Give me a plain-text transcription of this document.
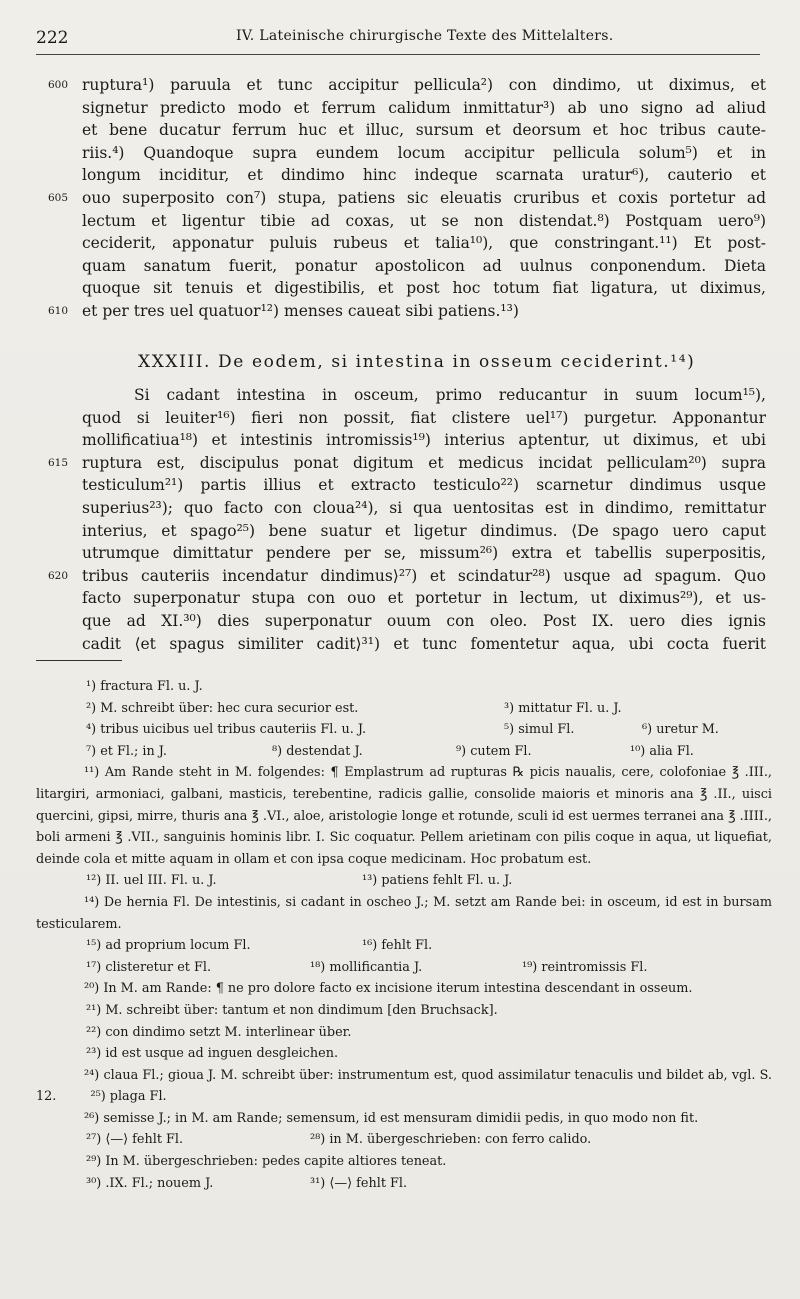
222	IV. Lateinische chirurgische Texte des Mittelalters.
600 ruptura¹) paruula et tunc accipitur pellicula²) con dindimo, ut diximus, et
signetur predicto modo et ferrum calidum inmittatur³) ab uno signo ad aliud
et bene ducatur ferrum huc et illuc, sursum et deorsum et hoc tribus caute-
riis.⁴) Quandoque supra eundem locum accipitur pellicula solum⁵) et in
longum inciditur, et dindimo hinc indeque scarnata uratur⁶), cauterio et
605 ouo superposito con⁷) stupa, patiens sic eleuatis cruribus et coxis portetur ad
lectum et ligentur tibie ad coxas, ut se non distendat.⁸) Postquam uero⁹)
ceciderit, apponatur puluis rubeus et talia¹⁰), que constringant.¹¹) Et post-
quam sanatum fuerit, ponatur apostolicon ad uulnus conponendum. Dieta
quoque sit tenuis et digestibilis, et post hoc totum fiat ligatura, ut diximus,
610 et per tres uel quatuor¹²) menses caueat sibi patiens.¹³)
XXXIII. De eodem, si intestina in osseum ceciderint.¹⁴)
Si cadant intestina in osceum, primo reducantur in suum locum¹⁵),
quod si leuiter¹⁶) fieri non possit, fiat clistere uel¹⁷) purgetur. Apponantur
mollificatiua¹⁸) et intestinis intromissis¹⁹) interius aptentur, ut diximus, et ubi
615 ruptura est, discipulus ponat digitum et medicus incidat pelliculam²⁰) supra
testiculum²¹) partis illius et extracto testiculo²²) scarnetur dindimus usque
superius²³); quo facto con cloua²⁴), si qua uentositas est in dindimo, remittatur
interius, et spago²⁵) bene suatur et ligetur dindimus. ⟨De spago uero caput
utrumque dimittatur pendere per se, missum²⁶) extra et tabellis superpositis,
620 tribus cauteriis incendatur dindimus⟩²⁷) et scindatur²⁸) usque ad spagum. Quo
facto superponatur stupa con ouo et portetur in lectum, ut diximus²⁹), et us-
que ad XI.³⁰) dies superponatur ouum con oleo. Post IX. uero dies ignis
cadit ⟨et spagus similiter cadit⟩³¹) et tunc fomentetur aqua, ubi cocta fuerit
¹) fractura Fl. u. J.
²) M. schreibt über: hec cura securior est.	³) mittatur Fl. u. J.
⁴) tribus uicibus uel tribus cauteriis Fl. u. J.	⁵) simul Fl.	⁶) uretur M.
⁷) et Fl.; in J.	⁸) destendat J.	⁹) cutem Fl.	¹⁰) alia Fl.
¹¹) Am Rande steht in M. folgendes: ¶ Emplastrum ad rupturas ℞ picis naualis, cere, colofoniae ℥ .III., litargiri, armoniaci, galbani, masticis, terebentine, radicis gallie, consolide maioris et minoris ana ℥ .II., uisci quercini, gipsi, mirre, thuris ana ℥ .VI., aloe, aristologie longe et rotunde, sculi id est uermes terranei ana ℥ .IIII., boli armeni ℥ .VII., sanguinis hominis libr. I. Sic coquatur. Pellem arietinam con pilis coque in aqua, ut liquefiat, deinde cola et mitte aquam in ollam et con ipsa coque medicinam. Hoc probatum est.
¹²) II. uel III. Fl. u. J.	¹³) patiens fehlt Fl. u. J.
¹⁴) De hernia Fl. De intestinis, si cadant in oscheo J.; M. setzt am Rande bei: in osceum, id est in bursam testicularem.
¹⁵) ad proprium locum Fl.	¹⁶) fehlt Fl.
¹⁷) clisteretur et Fl.	¹⁸) mollificantia J.	¹⁹) reintromissis Fl.
²⁰) In M. am Rande: ¶ ne pro dolore facto ex incisione iterum intestina descendant in osseum.
²¹) M. schreibt über: tantum et non dindimum [den Bruchsack].
²²) con dindimo setzt M. interlinear über.
²³) id est usque ad inguen desgleichen.
²⁴) claua Fl.; gioua J. M. schreibt über: instrumentum est, quod assimilatur tenaculis und bildet ab, vgl. S. 12.	²⁵) plaga Fl.
²⁶) semisse J.; in M. am Rande; semensum, id est mensuram dimidii pedis, in quo modo non fit.
²⁷) ⟨—⟩ fehlt Fl.	²⁸) in M. übergeschrieben: con ferro calido.
²⁹) In M. übergeschrieben: pedes capite altiores teneat.
³⁰) .IX. Fl.; nouem J.	³¹) ⟨—⟩ fehlt Fl.
